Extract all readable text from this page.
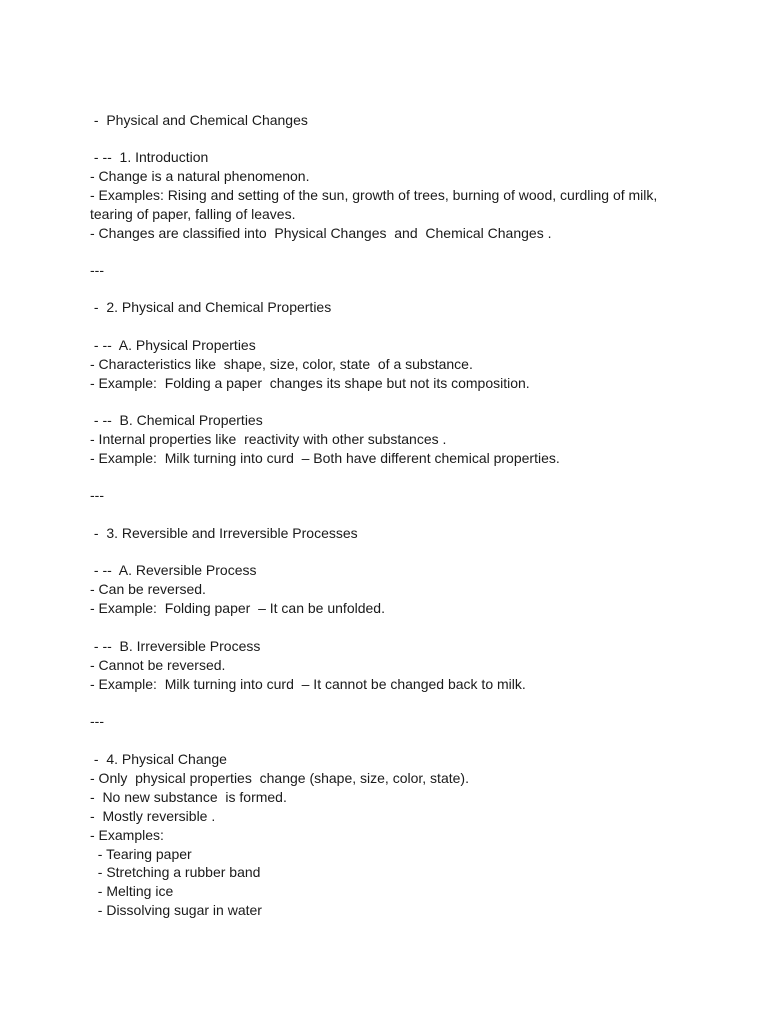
-  Physical and Chemical Changes
- --  1. Introduction
- Change is a natural phenomenon.
- Examples: Rising and setting of the sun, growth of trees, burning of wood, curdling of milk, tearing of paper, falling of leaves.
- Changes are classified into  Physical Changes  and  Chemical Changes .
---
-  2. Physical and Chemical Properties
- --  A. Physical Properties
- Characteristics like  shape, size, color, state  of a substance.
- Example:  Folding a paper  changes its shape but not its composition.
- --  B. Chemical Properties
- Internal properties like  reactivity with other substances .
- Example:  Milk turning into curd  – Both have different chemical properties.
---
-  3. Reversible and Irreversible Processes
- --  A. Reversible Process
- Can be reversed.
- Example:  Folding paper  – It can be unfolded.
- --  B. Irreversible Process
- Cannot be reversed.
- Example:  Milk turning into curd  – It cannot be changed back to milk.
---
-  4. Physical Change
- Only  physical properties  change (shape, size, color, state).
-  No new substance  is formed.
-  Mostly reversible .
- Examples:
- Tearing paper
- Stretching a rubber band
- Melting ice
- Dissolving sugar in water
